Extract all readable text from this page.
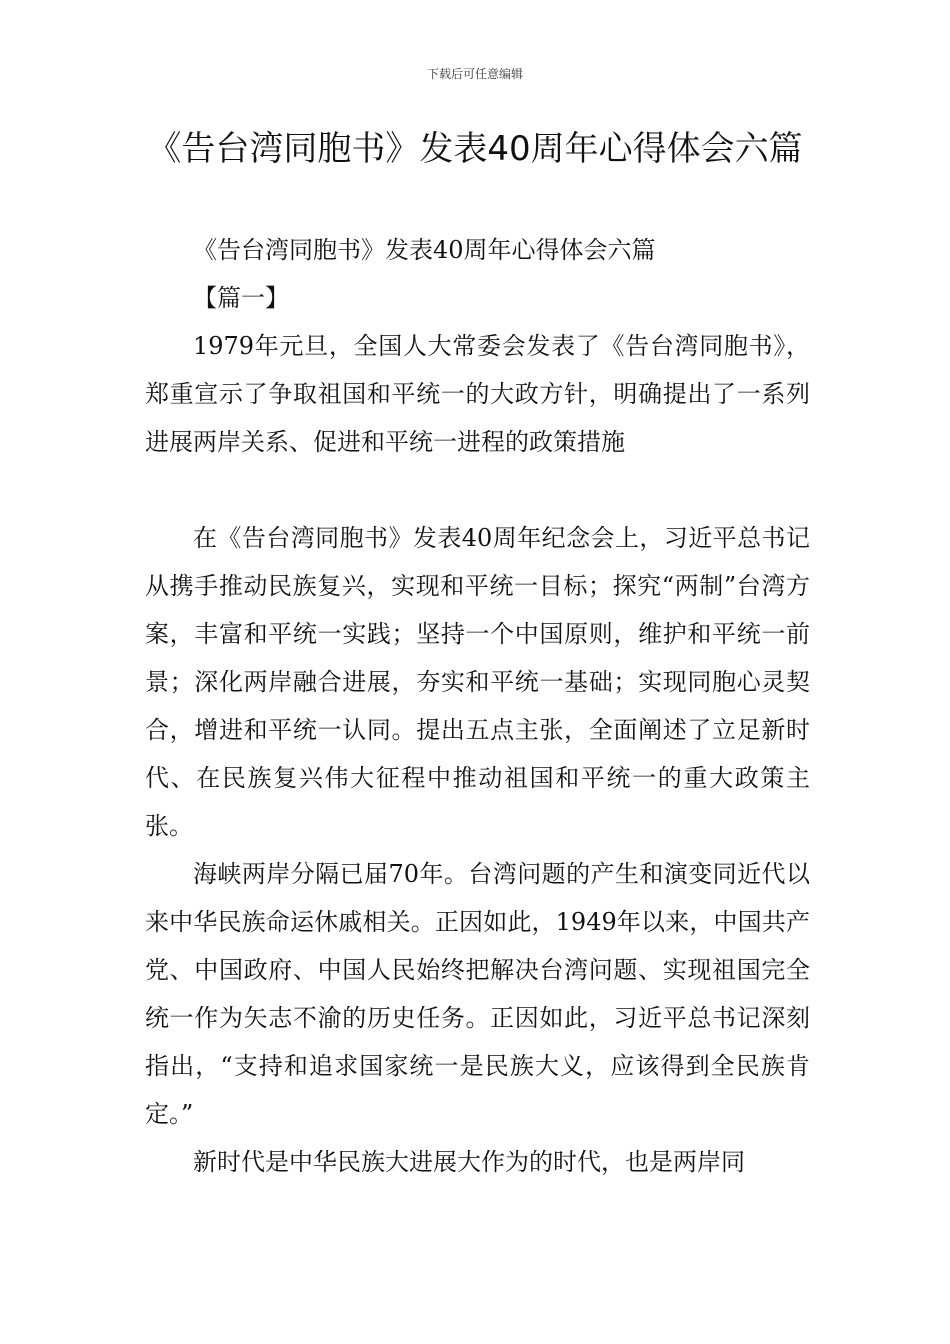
下载后可任意编辑
《告台湾同胞书》发表40周年心得体会六篇

《告台湾同胞书》发表40周年心得体会六篇

【篇一】

1979年元旦，全国人大常委会发表了《告台湾同胞书》，郑重宣示了争取祖国和平统一的大政方针，明确提出了一系列进展两岸关系、促进和平统一进程的政策措施

在《告台湾同胞书》发表40周年纪念会上，习近平总书记从携手推动民族复兴，实现和平统一目标；探究“两制”台湾方案，丰富和平统一实践；坚持一个中国原则，维护和平统一前景；深化两岸融合进展，夯实和平统一基础；实现同胞心灵契合，增进和平统一认同。提出五点主张，全面阐述了立足新时代、在民族复兴伟大征程中推动祖国和平统一的重大政策主张。

海峡两岸分隔已届70年。台湾问题的产生和演变同近代以来中华民族命运休戚相关。正因如此，1949年以来，中国共产党、中国政府、中国人民始终把解决台湾问题、实现祖国完全统一作为矢志不渝的历史任务。正因如此，习近平总书记深刻指出，“支持和追求国家统一是民族大义，应该得到全民族肯定。”

新时代是中华民族大进展大作为的时代，也是两岸同
